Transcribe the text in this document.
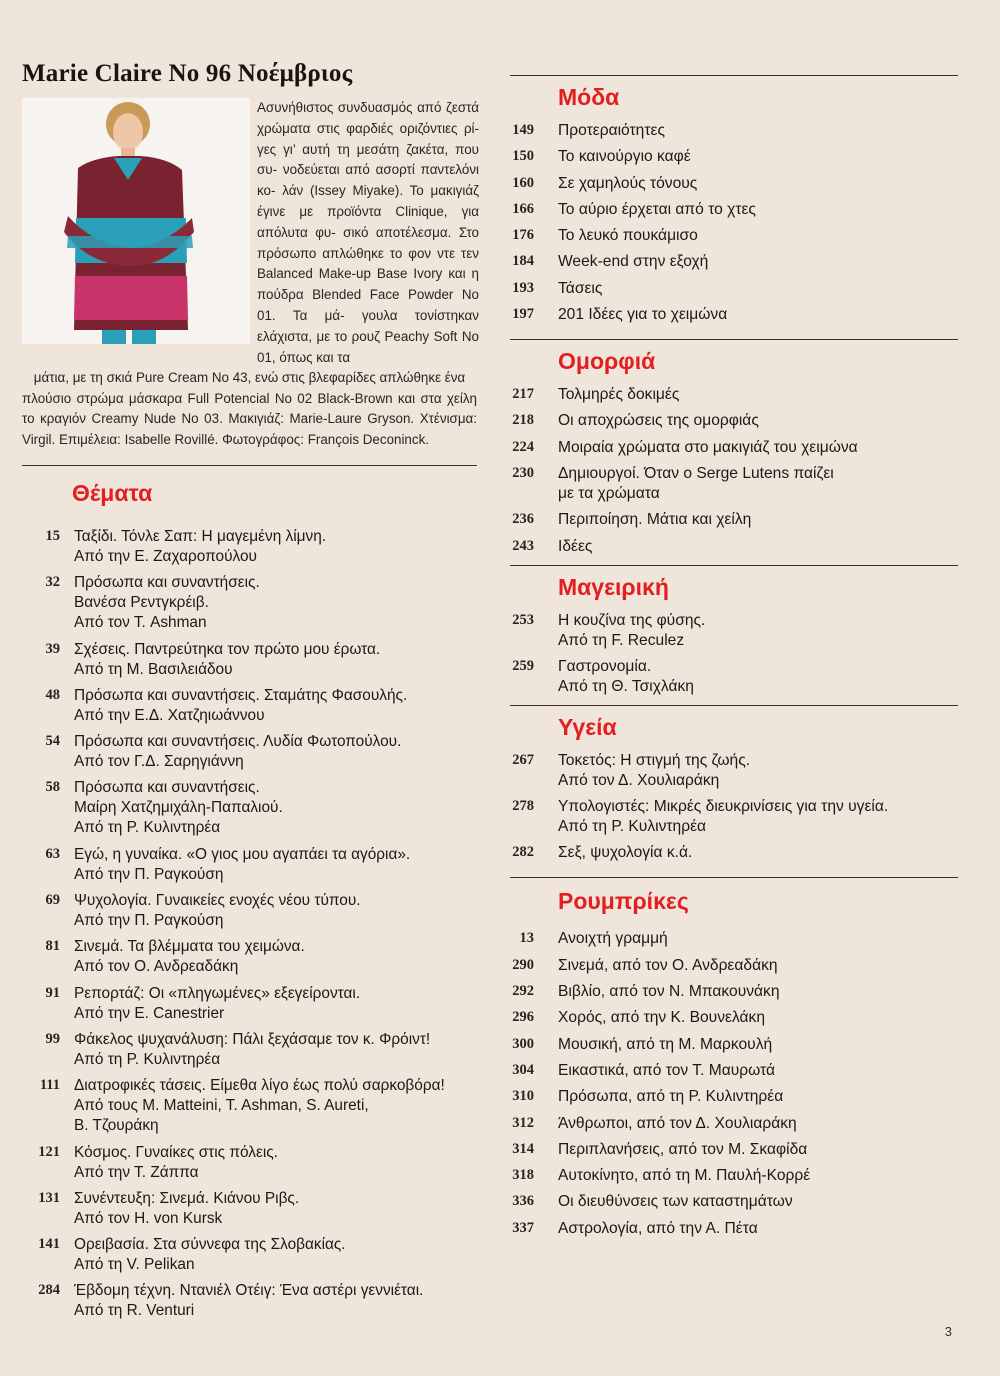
Marie Claire No 96 Νοέμβριος
Ασυνήθιστος συνδυασμός από ζεστά χρώματα στις φαρδιές οριζόντιες ρί- γες γι’ αυτή τη μεσάτη ζακέτα, που συ- νοδεύεται από ασορτί παντελόνι κο- λάν (Issey Miyake). Το μακιγιάζ έγινε με προϊόντα Clinique, για απόλυτα φυ- σικό αποτέλεσμα. Στο πρόσωπο απλώθηκε το φον ντε τεν Balanced Make-up Base Ivory και η πούδρα Blended Face Powder No 01. Τα μά- γουλα τονίστηκαν ελάχιστα, με το ρουζ Peachy Soft No 01, όπως και τα
μάτια, με τη σκιά Pure Cream No 43, ενώ στις βλεφαρίδες απλώθηκε ένα
πλούσιο στρώμα μάσκαρα Full Potencial No 02 Black-Brown και στα χείλη το κραγιόν Creamy Nude No 03. Μακιγιάζ: Marie-Laure Gryson. Χτένισμα: Virgil. Επιμέλεια: Isabelle Rovillé. Φωτογράφος: François Deconinck.
Θέματα
15 Ταξίδι. Τόνλε Σαπ: Η μαγεμένη λίμνη.
Από την Ε. Ζαχαροπούλου
32 Πρόσωπα και συναντήσεις.
Βανέσα Ρεντγκρέιβ.
Από τον Τ. Ashman
39 Σχέσεις. Παντρεύτηκα τον πρώτο μου έρωτα.
Από τη Μ. Βασιλειάδου
48 Πρόσωπα και συναντήσεις. Σταμάτης Φασουλής.
Από την Ε.Δ. Χατζηιωάννου
54 Πρόσωπα και συναντήσεις. Λυδία Φωτοπούλου.
Από τον Γ.Δ. Σαρηγιάννη
58 Πρόσωπα και συναντήσεις.
Μαίρη Χατζημιχάλη-Παπαλιού.
Από τη Ρ. Κυλιντηρέα
63 Εγώ, η γυναίκα. «Ο γιος μου αγαπάει τα αγόρια».
Από την Π. Ραγκούση
69 Ψυχολογία. Γυναικείες ενοχές νέου τύπου.
Από την Π. Ραγκούση
81 Σινεμά. Τα βλέμματα του χειμώνα.
Από τον Ο. Ανδρεαδάκη
91 Ρεπορτάζ: Οι «πληγωμένες» εξεγείρονται.
Από την Ε. Canestrier
99 Φάκελος ψυχανάλυση: Πάλι ξεχάσαμε τον κ. Φρόιντ!
Από τη Ρ. Κυλιντηρέα
111 Διατροφικές τάσεις. Είμεθα λίγο έως πολύ σαρκοβόρα!
Από τους Μ. Matteini, T. Ashman, S. Aureti,
Β. Τζουράκη
121 Κόσμος. Γυναίκες στις πόλεις.
Από την Τ. Ζάππα
131 Συνέντευξη: Σινεμά. Κιάνου Ριβς.
Από τον H. von Kursk
141 Ορειβασία. Στα σύννεφα της Σλοβακίας.
Από τη V. Pelikan
284 Έβδομη τέχνη. Ντανιέλ Οτέιγ: Ένα αστέρι γεννιέται.
Από τη R. Venturi
Μόδα
149 Προτεραιότητες
150 Το καινούργιο καφέ
160 Σε χαμηλούς τόνους
166 Το αύριο έρχεται από το χτες
176 Το λευκό πουκάμισο
184 Week-end στην εξοχή
193 Τάσεις
197 201 Ιδέες για το χειμώνα
Ομορφιά
217 Τολμηρές δοκιμές
218 Οι αποχρώσεις της ομορφιάς
224 Μοιραία χρώματα στο μακιγιάζ του χειμώνα
230 Δημιουργοί. Όταν ο Serge Lutens παίζει
με τα χρώματα
236 Περιποίηση. Μάτια και χείλη
243 Ιδέες
Μαγειρική
253 Η κουζίνα της φύσης.
Από τη F. Reculez
259 Γαστρονομία.
Από τη Θ. Τσιχλάκη
Υγεία
267 Τοκετός: Η στιγμή της ζωής.
Από τον Δ. Χουλιαράκη
278 Υπολογιστές: Μικρές διευκρινίσεις για την υγεία.
Από τη Ρ. Κυλιντηρέα
282 Σεξ, ψυχολογία κ.ά.
Ρουμπρίκες
13 Ανοιχτή γραμμή
290 Σινεμά, από τον Ο. Ανδρεαδάκη
292 Βιβλίο, από τον Ν. Μπακουνάκη
296 Χορός, από την Κ. Βουνελάκη
300 Μουσική, από τη Μ. Μαρκουλή
304 Εικαστικά, από τον Τ. Μαυρωτά
310 Πρόσωπα, από τη Ρ. Κυλιντηρέα
312 Άνθρωποι, από τον Δ. Χουλιαράκη
314 Περιπλανήσεις, από τον Μ. Σκαφίδα
318 Αυτοκίνητο, από τη Μ. Παυλή-Κορρέ
336 Οι διευθύνσεις των καταστημάτων
337 Αστρολογία, από την Α. Πέτα
3
